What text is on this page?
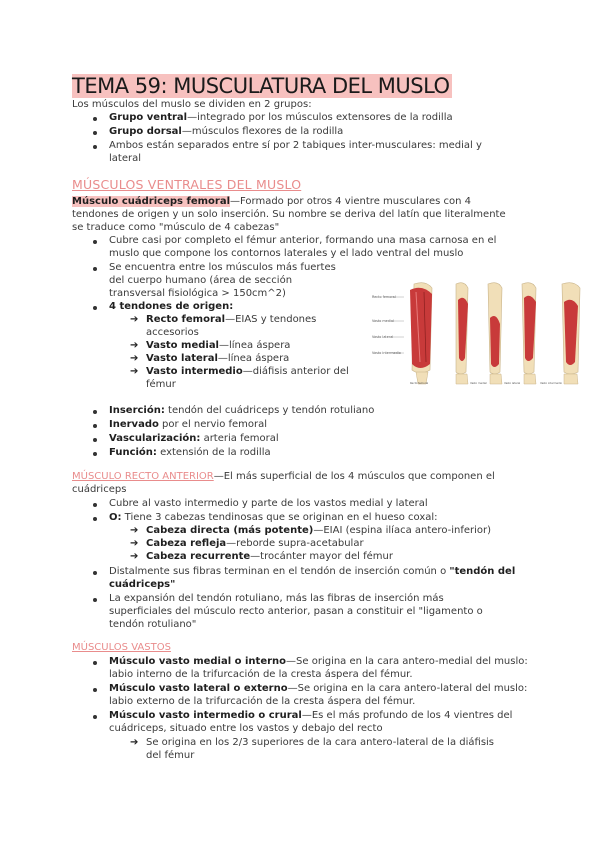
TEMA 59: MUSCULATURA DEL MUSLO
Los músculos del muslo se dividen en 2 grupos:
Grupo ventral—integrado por los músculos extensores de la rodilla
Grupo dorsal—músculos flexores de la rodilla
Ambos están separados entre sí por 2 tabiques inter-musculares: medial y
lateral
MÚSCULOS VENTRALES DEL MUSLO
Músculo cuádriceps femoral—Formado por otros 4 vientre musculares con 4
tendones de origen y un solo inserción. Su nombre se deriva del latín que literalmente
se traduce como "músculo de 4 cabezas"
Cubre casi por completo el fémur anterior, formando una masa carnosa en el
muslo que compone los contornos laterales y el lado ventral del muslo
Se encuentra entre los músculos más fuertes
del cuerpo humano (área de sección
transversal fisiológica > 150cm^2)
4 tendones de origen:
➔ Recto femoral—EIAS y tendones
accesorios
➔ Vasto medial—línea áspera
➔ Vasto lateral—línea áspera
➔ Vasto intermedio—diáfisis anterior del
fémur
Recto femoral
Vasto medial
Vasto lateral
Vasto intermedio
Recto femoral	Vasto medial	Vasto lateral	Vasto intermedio
Inserción: tendón del cuádriceps y tendón rotuliano
Inervado por el nervio femoral
Vascularización: arteria femoral
Función: extensión de la rodilla
MÚSCULO RECTO ANTERIOR—El más superficial de los 4 músculos que componen el
cuádriceps
Cubre al vasto intermedio y parte de los vastos medial y lateral
O: Tiene 3 cabezas tendinosas que se originan en el hueso coxal:
➔ Cabeza directa (más potente)—EIAI (espina ilíaca antero-inferior)
➔ Cabeza refleja—reborde supra-acetabular
➔ Cabeza recurrente—trocánter mayor del fémur
Distalmente sus fibras terminan en el tendón de inserción común o "tendón del
cuádriceps"
La expansión del tendón rotuliano, más las fibras de inserción más
superficiales del músculo recto anterior, pasan a constituir el "ligamento o
tendón rotuliano"
MÚSCULOS VASTOS
Músculo vasto medial o interno—Se origina en la cara antero-medial del muslo:
labio interno de la trifurcación de la cresta áspera del fémur.
Músculo vasto lateral o externo—Se origina en la cara antero-lateral del muslo:
labio externo de la trifurcación de la cresta áspera del fémur.
Músculo vasto intermedio o crural—Es el más profundo de los 4 vientres del
cuádriceps, situado entre los vastos y debajo del recto
➔ Se origina en los 2/3 superiores de la cara antero-lateral de la diáfisis
del fémur
